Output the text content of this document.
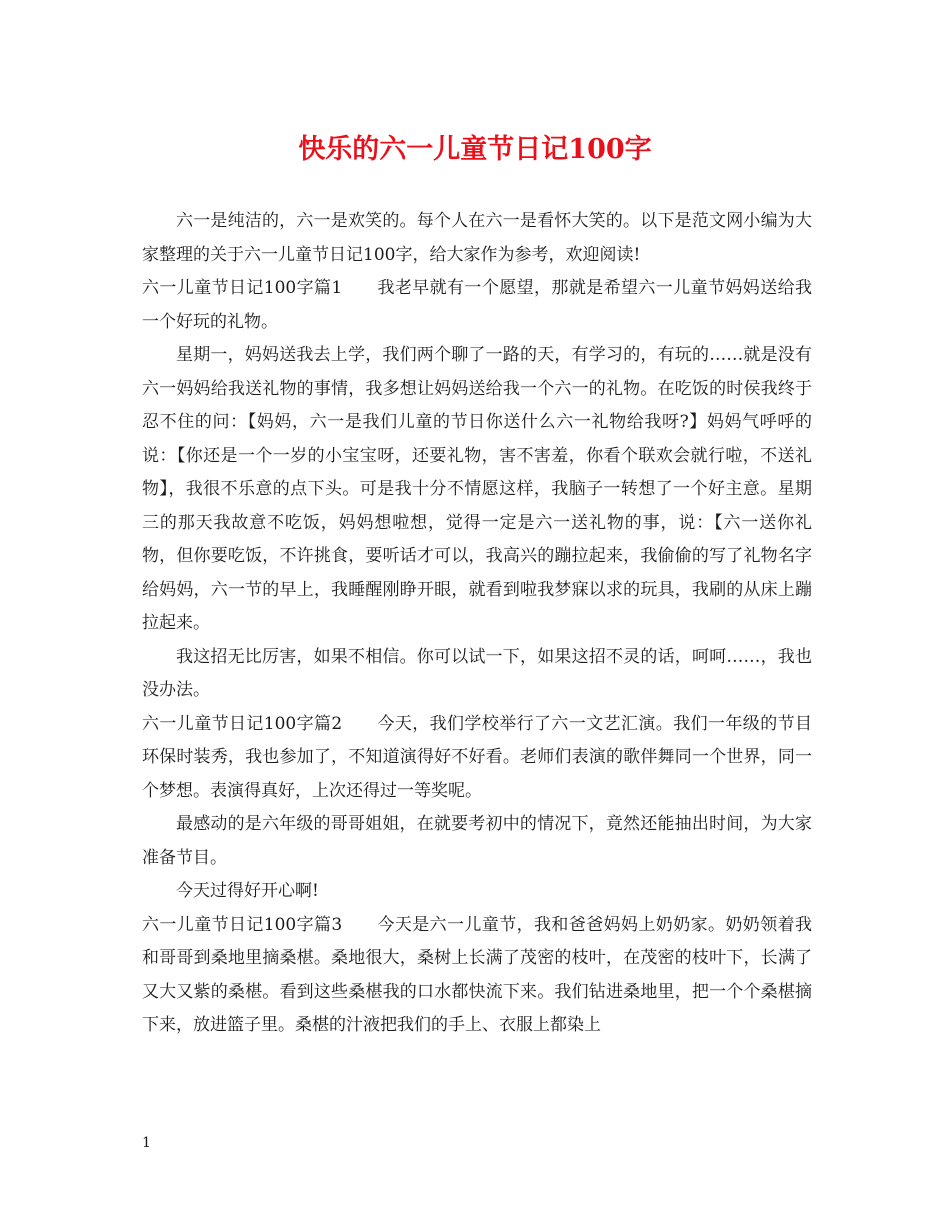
快乐的六一儿童节日记100字

六一是纯洁的，六一是欢笑的。每个人在六一是看怀大笑的。以下是范文网小编为大家整理的关于六一儿童节日记100字，给大家作为参考，欢迎阅读!

六一儿童节日记100字篇1　　我老早就有一个愿望，那就是希望六一儿童节妈妈送给我一个好玩的礼物。

星期一，妈妈送我去上学，我们两个聊了一路的天，有学习的，有玩的……就是没有六一妈妈给我送礼物的事情，我多想让妈妈送给我一个六一的礼物。在吃饭的时侯我终于忍不住的问：【妈妈，六一是我们儿童的节日你送什么六一礼物给我呀?】妈妈气呼呼的说：【你还是一个一岁的小宝宝呀，还要礼物，害不害羞，你看个联欢会就行啦，不送礼物】，我很不乐意的点下头。可是我十分不情愿这样，我脑子一转想了一个好主意。星期三的那天我故意不吃饭，妈妈想啦想，觉得一定是六一送礼物的事，说：【六一送你礼物，但你要吃饭，不许挑食，要听话才可以，我高兴的蹦拉起来，我偷偷的写了礼物名字给妈妈，六一节的早上，我睡醒刚睁开眼，就看到啦我梦寐以求的玩具，我刷的从床上蹦拉起来。

我这招无比厉害，如果不相信。你可以试一下，如果这招不灵的话，呵呵……，我也没办法。

六一儿童节日记100字篇2　　今天，我们学校举行了六一文艺汇演。我们一年级的节目环保时装秀，我也参加了，不知道演得好不好看。老师们表演的歌伴舞同一个世界，同一个梦想。表演得真好，上次还得过一等奖呢。

最感动的是六年级的哥哥姐姐，在就要考初中的情况下，竟然还能抽出时间，为大家准备节目。

今天过得好开心啊!

六一儿童节日记100字篇3　　今天是六一儿童节，我和爸爸妈妈上奶奶家。奶奶领着我和哥哥到桑地里摘桑椹。桑地很大，桑树上长满了茂密的枝叶，在茂密的枝叶下，长满了又大又紫的桑椹。看到这些桑椹我的口水都快流下来。我们钻进桑地里，把一个个桑椹摘下来，放进篮子里。桑椹的汁液把我们的手上、衣服上都染上

1
